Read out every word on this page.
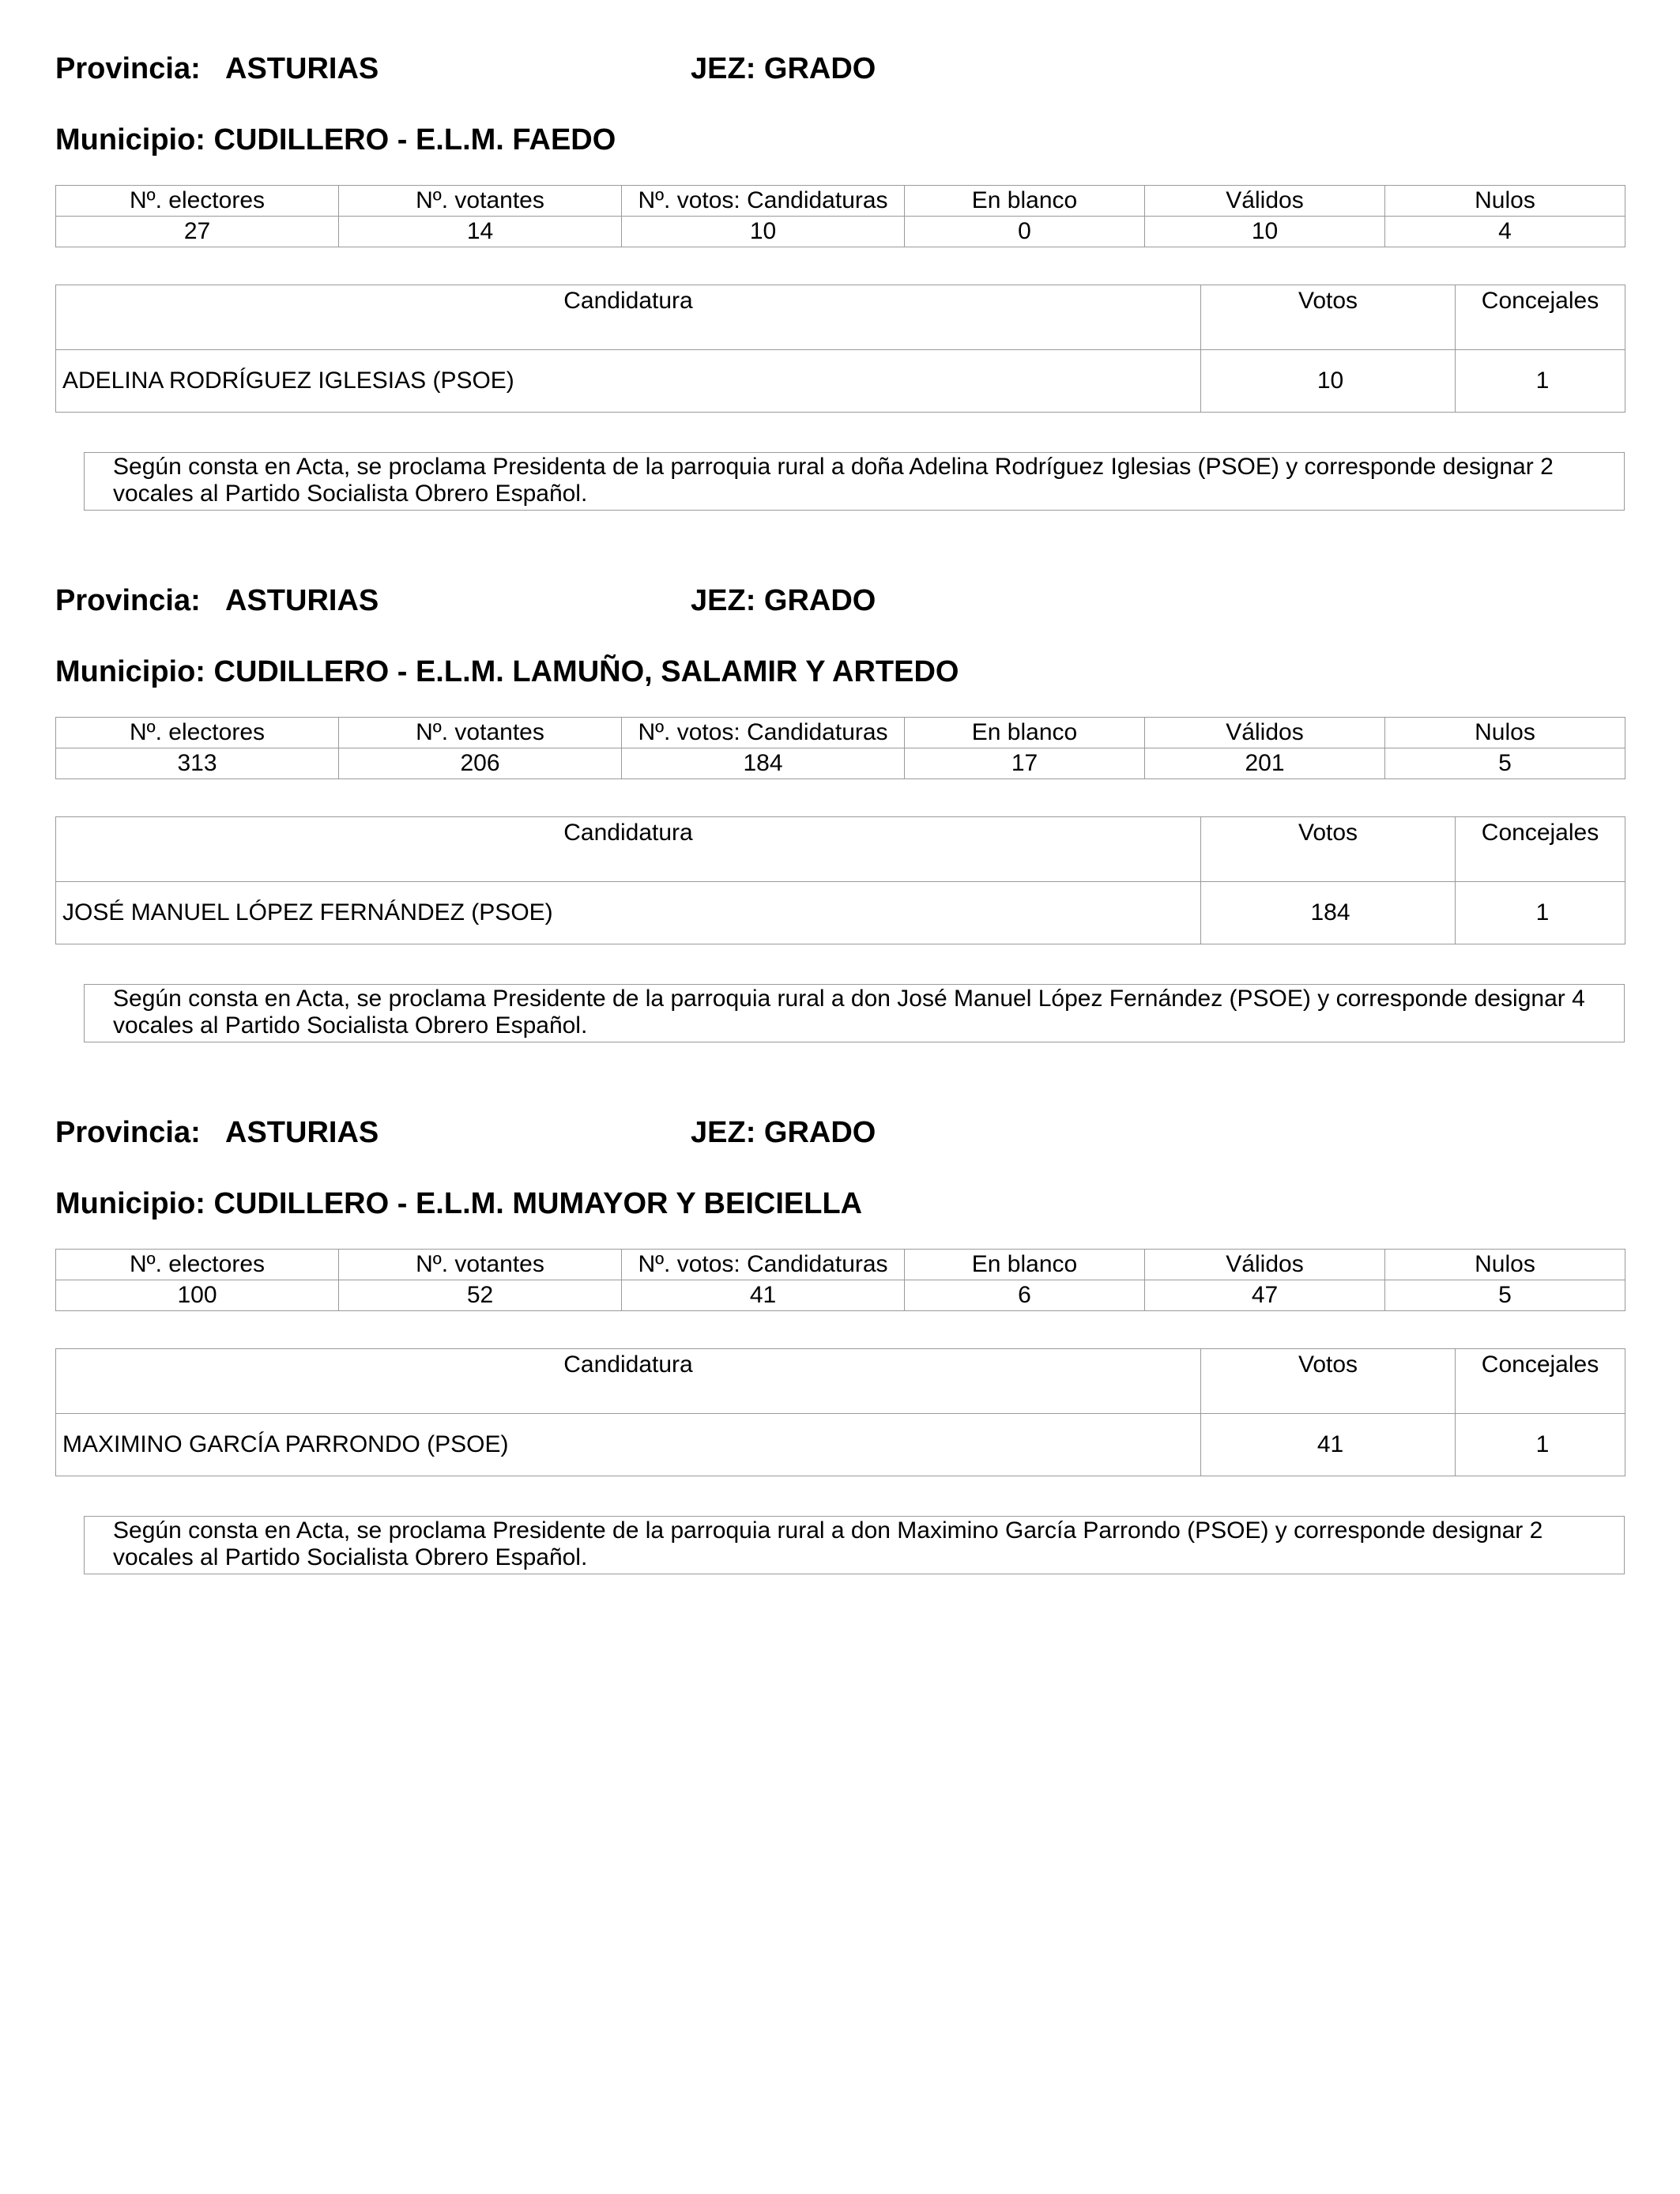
Provincia: ASTURIAS	JEZ: GRADO
Municipio: CUDILLERO - E.L.M. FAEDO
Nº. electores	Nº. votantes	Nº. votos: Candidaturas	En blanco	Válidos	Nulos
27	14	10	0	10	4
Candidatura	Votos	Concejales
ADELINA RODRÍGUEZ IGLESIAS (PSOE)	10	1
Según consta en Acta, se proclama Presidenta de la parroquia rural a doña Adelina Rodríguez Iglesias (PSOE) y corresponde designar 2 vocales al Partido Socialista Obrero Español.
Provincia: ASTURIAS	JEZ: GRADO
Municipio: CUDILLERO - E.L.M. LAMUÑO, SALAMIR Y ARTEDO
Nº. electores	Nº. votantes	Nº. votos: Candidaturas	En blanco	Válidos	Nulos
313	206	184	17	201	5
Candidatura	Votos	Concejales
JOSÉ MANUEL LÓPEZ FERNÁNDEZ (PSOE)	184	1
Según consta en Acta, se proclama Presidente de la parroquia rural a don José Manuel López Fernández (PSOE) y corresponde designar 4 vocales al Partido Socialista Obrero Español.
Provincia: ASTURIAS	JEZ: GRADO
Municipio: CUDILLERO - E.L.M. MUMAYOR Y BEICIELLA
Nº. electores	Nº. votantes	Nº. votos: Candidaturas	En blanco	Válidos	Nulos
100	52	41	6	47	5
Candidatura	Votos	Concejales
MAXIMINO GARCÍA PARRONDO (PSOE)	41	1
Según consta en Acta, se proclama Presidente de la parroquia rural a don Maximino García Parrondo (PSOE) y corresponde designar 2 vocales al Partido Socialista Obrero Español.
